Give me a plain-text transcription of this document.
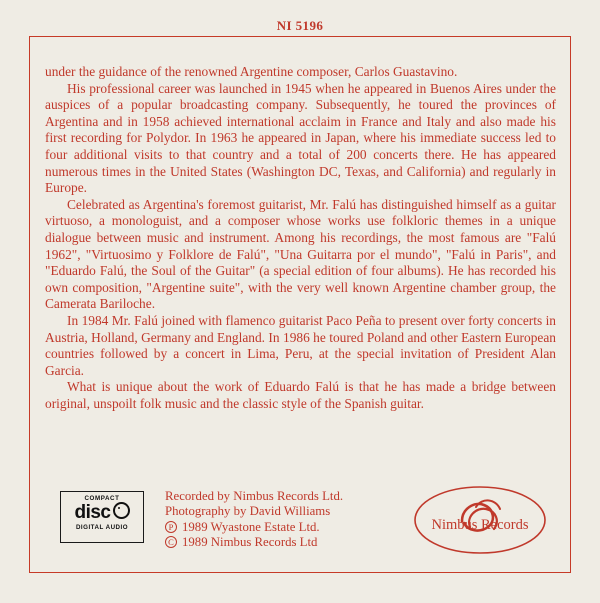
NI 5196

under the guidance of the renowned Argentine composer, Carlos Guastavino.

His professional career was launched in 1945 when he appeared in Buenos Aires under the auspices of a popular broadcasting company. Subsequently, he toured the provinces of Argentina and in 1958 achieved international acclaim in France and Italy and also made his first recording for Polydor. In 1963 he appeared in Japan, where his immediate success led to four additional visits to that country and a total of 200 concerts there. He has appeared numerous times in the United States (Washington DC, Texas, and California) and regularly in Europe.

Celebrated as Argentina's foremost guitarist, Mr. Falú has distinguished himself as a guitar virtuoso, a monologuist, and a composer whose works use folkloric themes in a unique dialogue between music and instrument. Among his recordings, the most famous are "Falú 1962", "Virtuosimo y Folklore de Falú", "Una Guitarra por el mundo", "Falú in Paris", and "Eduardo Falú, the Soul of the Guitar" (a special edition of four albums). He has recorded his own composition, "Argentine suite", with the very well known Argentine chamber group, the Camerata Bariloche.

In 1984 Mr. Falú joined with flamenco guitarist Paco Peña to present over forty concerts in Austria, Holland, Germany and England. In 1986 he toured Poland and other Eastern European countries followed by a concert in Lima, Peru, at the special invitation of President Alan Garcia.

What is unique about the work of Eduardo Falú is that he has made a bridge between original, unspoilt folk music and the classic style of the Spanish guitar.

COMPACT
disc
DIGITAL AUDIO
Recorded by Nimbus Records Ltd.
Photography by David Williams
P 1989 Wyastone Estate Ltd.
C 1989 Nimbus Records Ltd
Nimbus Records
